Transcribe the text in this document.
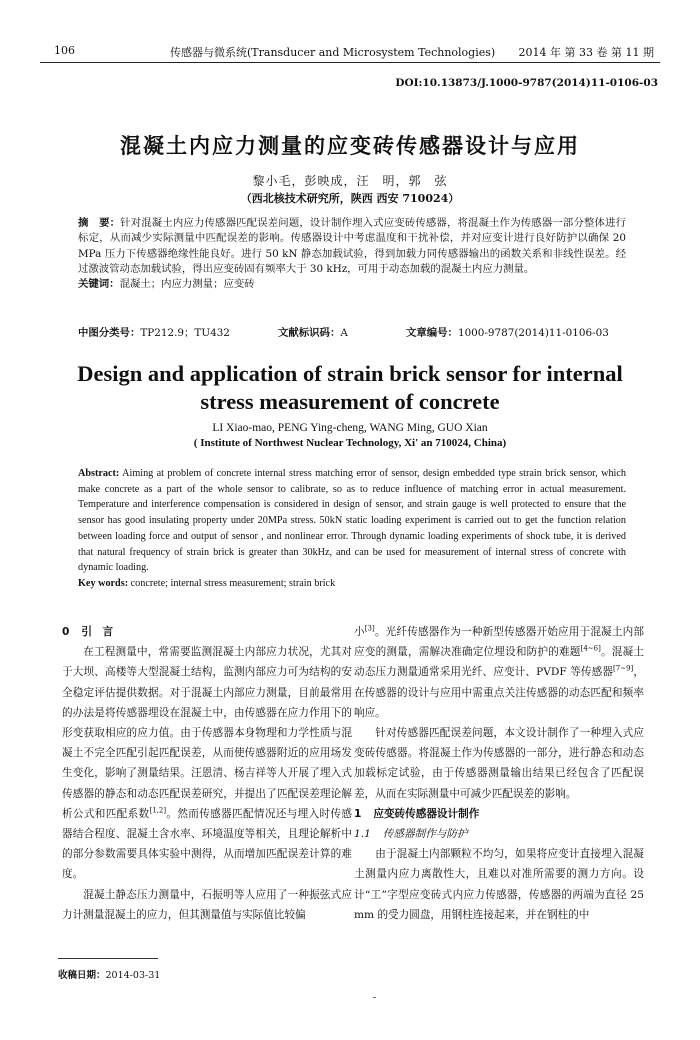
106	传感器与微系统(Transducer and Microsystem Technologies) 2014 年 第 33 卷 第 11 期
DOI:10.13873/J.1000-9787(2014)11-0106-03
混凝土内应力测量的应变砖传感器设计与应用
黎小毛，彭映成，汪　明，郭　弦
（西北核技术研究所，陕西 西安 710024）
摘　要：针对混凝土内应力传感器匹配误差问题，设计制作埋入式应变砖传感器，将混凝土作为传感器一部分整体进行标定，从而减少实际测量中匹配误差的影响。传感器设计中考虑温度和干扰补偿，并对应变计进行良好防护以确保 20 MPa 压力下传感器绝缘性能良好。进行 50 kN 静态加载试验，得到加载力同传感器输出的函数关系和非线性误差。经过激波管动态加载试验，得出应变砖固有频率大于 30 kHz，可用于动态加载的混凝土内应力测量。
关键词：混凝土；内应力测量；应变砖
中图分类号：TP212.9；TU432	文献标识码：A	文章编号：1000-9787(2014)11-0106-03
Design and application of strain brick sensor for internal stress measurement of concrete
LI Xiao-mao, PENG Ying-cheng, WANG Ming, GUO Xian
( Institute of Northwest Nuclear Technology, Xi' an 710024, China)
Abstract: Aiming at problem of concrete internal stress matching error of sensor, design embedded type strain brick sensor, which make concrete as a part of the whole sensor to calibrate, so as to reduce influence of matching error in actual measurement. Temperature and interference compensation is considered in design of sensor, and strain gauge is well protected to ensure that the sensor has good insulating property under 20MPa stress. 50kN static loading experiment is carried out to get the function relation between loading force and output of sensor , and nonlinear error. Through dynamic loading experiments of shock tube, it is derived that natural frequency of strain brick is greater than 30kHz, and can be used for measurement of internal stress of concrete with dynamic loading.
Key words: concrete; internal stress measurement; strain brick

0 引　言

在工程测量中，常需要监测混凝土内部应力状况，尤其对于大坝、高楼等大型混凝土结构，监测内部应力可为结构的安全稳定评估提供数据。对于混凝土内部应力测量，目前最常用的办法是将传感器埋设在混凝土中，由传感器在应力作用下的形变获取相应的应力值。由于传感器本身物理和力学性质与混凝土不完全匹配引起匹配误差，从而使传感器附近的应用场发生变化，影响了测量结果。汪恩清、杨吉祥等人开展了埋入式传感器的静态和动态匹配误差研究，并提出了匹配误差理论解析公式和匹配系数[1,2]。然而传感器匹配情况还与埋入时传感器结合程度、混凝土含水率、环境温度等相关，且理论解析中的部分参数需要具体实验中测得，从而增加匹配误差计算的难度。

混凝土静态压力测量中，石振明等人应用了一种振弦式应力计测量混凝土的应力，但其测量值与实际值比较偏

小[3]。光纤传感器作为一种新型传感器开始应用于混凝土内部应变的测量，需解决准确定位埋设和防护的难题[4~6]。混凝土动态压力测量通常采用光纤、应变计、PVDF 等传感器[7~9]，在传感器的设计与应用中需重点关注传感器的动态匹配和频率响应。

针对传感器匹配误差问题，本文设计制作了一种埋入式应变砖传感器。将混凝土作为传感器的一部分，进行静态和动态加载标定试验，由于传感器测量输出结果已经包含了匹配误差，从而在实际测量中可减少匹配误差的影响。

1 应变砖传感器设计制作

1.1 传感器制作与防护

由于混凝土内部颗粒不均匀，如果将应变计直接埋入混凝土测量内应力离散性大，且难以对准所需要的测力方向。设计“工”字型应变砖式内应力传感器，传感器的两端为直径 25 mm 的受力圆盘，用钢柱连接起来，并在钢柱的中

收稿日期：2014-03-31
